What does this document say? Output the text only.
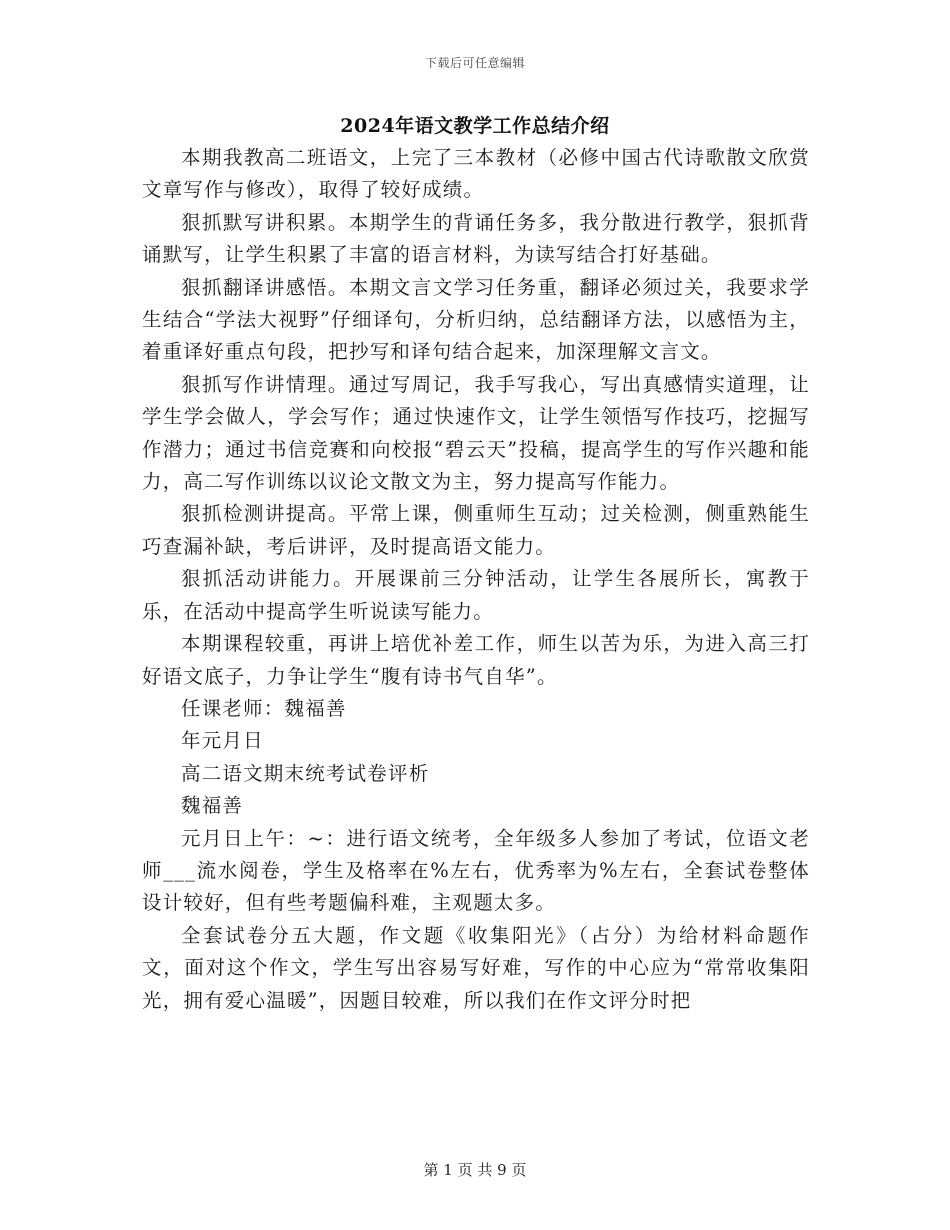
下载后可任意编辑
2024年语文教学工作总结介绍

本期我教高二班语文，上完了三本教材（必修中国古代诗歌散文欣赏文章写作与修改），取得了较好成绩。

狠抓默写讲积累。本期学生的背诵任务多，我分散进行教学，狠抓背诵默写，让学生积累了丰富的语言材料，为读写结合打好基础。

狠抓翻译讲感悟。本期文言文学习任务重，翻译必须过关，我要求学生结合“学法大视野”仔细译句，分析归纳，总结翻译方法，以感悟为主，着重译好重点句段，把抄写和译句结合起来，加深理解文言文。

狠抓写作讲情理。通过写周记，我手写我心，写出真感情实道理，让学生学会做人，学会写作；通过快速作文，让学生领悟写作技巧，挖掘写作潜力；通过书信竞赛和向校报“碧云天”投稿，提高学生的写作兴趣和能力，高二写作训练以议论文散文为主，努力提高写作能力。

狠抓检测讲提高。平常上课，侧重师生互动；过关检测，侧重熟能生巧查漏补缺，考后讲评，及时提高语文能力。

狠抓活动讲能力。开展课前三分钟活动，让学生各展所长，寓教于乐，在活动中提高学生听说读写能力。

本期课程较重，再讲上培优补差工作，师生以苦为乐，为进入高三打好语文底子，力争让学生“腹有诗书气自华”。

任课老师：魏福善

年元月日

高二语文期末统考试卷评析

魏福善

元月日上午：~：进行语文统考，全年级多人参加了考试，位语文老师___流水阅卷，学生及格率在%左右，优秀率为%左右，全套试卷整体设计较好，但有些考题偏科难，主观题太多。

全套试卷分五大题，作文题《收集阳光》（占分）为给材料命题作文，面对这个作文，学生写出容易写好难，写作的中心应为“常常收集阳光，拥有爱心温暖”，因题目较难，所以我们在作文评分时把

第 1 页 共 9 页
